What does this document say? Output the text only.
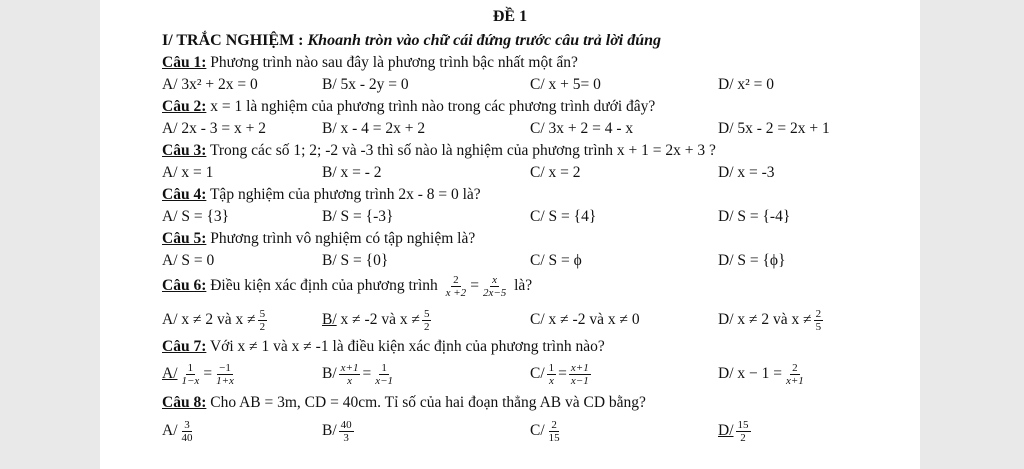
ĐỀ 1
I/ TRẮC NGHIỆM : Khoanh tròn vào chữ cái đứng trước câu trả lời đúng
Câu 1: Phương trình nào sau đây là phương trình bậc nhất một ẩn?
A/ 3x² + 2x = 0	B/ 5x - 2y = 0	C/ x + 5= 0	D/ x² = 0
Câu 2: x = 1 là nghiệm của phương trình nào trong các phương trình dưới đây?
A/ 2x - 3 = x + 2	B/ x - 4 = 2x + 2	C/ 3x + 2 = 4 - x	D/ 5x - 2 = 2x + 1
Câu 3: Trong các số 1; 2; -2 và -3 thì số nào là nghiệm của phương trình x + 1 = 2x + 3 ?
A/ x = 1	B/ x = - 2	C/ x = 2	D/ x = -3
Câu 4: Tập nghiệm của phương trình 2x - 8 = 0 là?
A/ S = {3}	B/ S = {-3}	C/ S = {4}	D/ S = {-4}
Câu 5: Phương trình vô nghiệm có tập nghiệm là?
A/ S = 0	B/ S = {0}	C/ S = ϕ	D/ S = {ϕ}
Câu 6: Điều kiện xác định của phương trình $\frac{2}{x +2} = \frac{x}{2x-5}$ là?
A/ x ≠ 2 và $x \ne \frac{5}{2}$	B/ x ≠ -2 và $x \ne \frac{5}{2}$	C/ x ≠ -2 và x ≠ 0	D/ x ≠ 2 và $x \ne \frac{2}{5}$
Câu 7: Với x ≠ 1 và x ≠ -1 là điều kiện xác định của phương trình nào?
$A/ \frac{1}{1-x} = \frac{-1}{1+x}$	$B/ \frac{x+1}{x} = \frac{1}{x-1}$	$C/ \frac{1}{x} = \frac{x+1}{x-1}$	D/ $x - 1 = \frac{2}{x+1}$
Câu 8: Cho AB = 3m, CD = 40cm. Tỉ số của hai đoạn thẳng AB và CD bằng?
$A/ \frac{3}{40}$	$B/ \frac{40}{3}$	$C/ \frac{2}{15}$	$D/ \frac{15}{2}$
